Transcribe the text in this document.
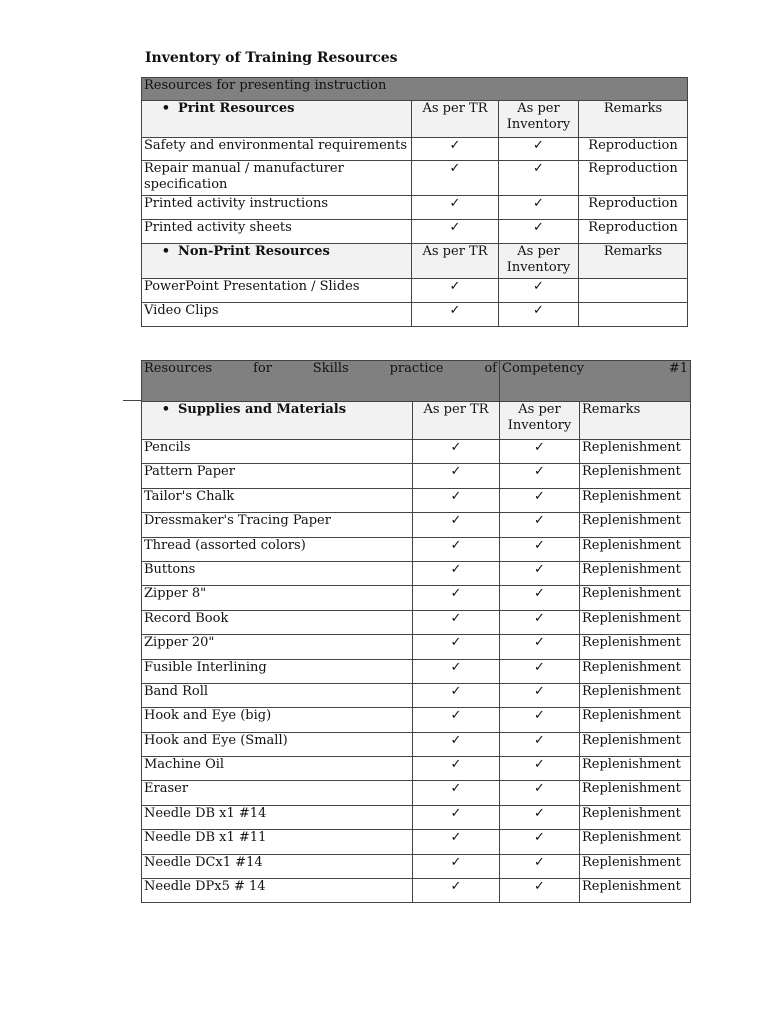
Inventory of Training Resources
Resources for presenting instruction			
• Print Resources	As per TR	As per Inventory	Remarks
Safety and environmental requirements	✓	✓	Reproduction
Repair manual / manufacturer specification	✓	✓	Reproduction
Printed activity instructions	✓	✓	Reproduction
Printed activity sheets	✓	✓	Reproduction
• Non-Print Resources	As per TR	As per Inventory	Remarks
PowerPoint Presentation / Slides	✓	✓	
Video Clips	✓	✓	
Resources for Skills practice of		Competency #1	
• Supplies and Materials	As per TR	As per Inventory	Remarks
Pencils	✓	✓	Replenishment
Pattern Paper	✓	✓	Replenishment
Tailor's Chalk	✓	✓	Replenishment
Dressmaker's Tracing Paper	✓	✓	Replenishment
Thread (assorted colors)	✓	✓	Replenishment
Buttons	✓	✓	Replenishment
Zipper 8"	✓	✓	Replenishment
Record Book	✓	✓	Replenishment
Zipper 20"	✓	✓	Replenishment
Fusible Interlining	✓	✓	Replenishment
Band Roll	✓	✓	Replenishment
Hook and Eye (big)	✓	✓	Replenishment
Hook and Eye (Small)	✓	✓	Replenishment
Machine Oil	✓	✓	Replenishment
Eraser	✓	✓	Replenishment
Needle DB x1 #14	✓	✓	Replenishment
Needle DB x1 #11	✓	✓	Replenishment
Needle DCx1 #14	✓	✓	Replenishment
Needle DPx5 # 14	✓	✓	Replenishment
